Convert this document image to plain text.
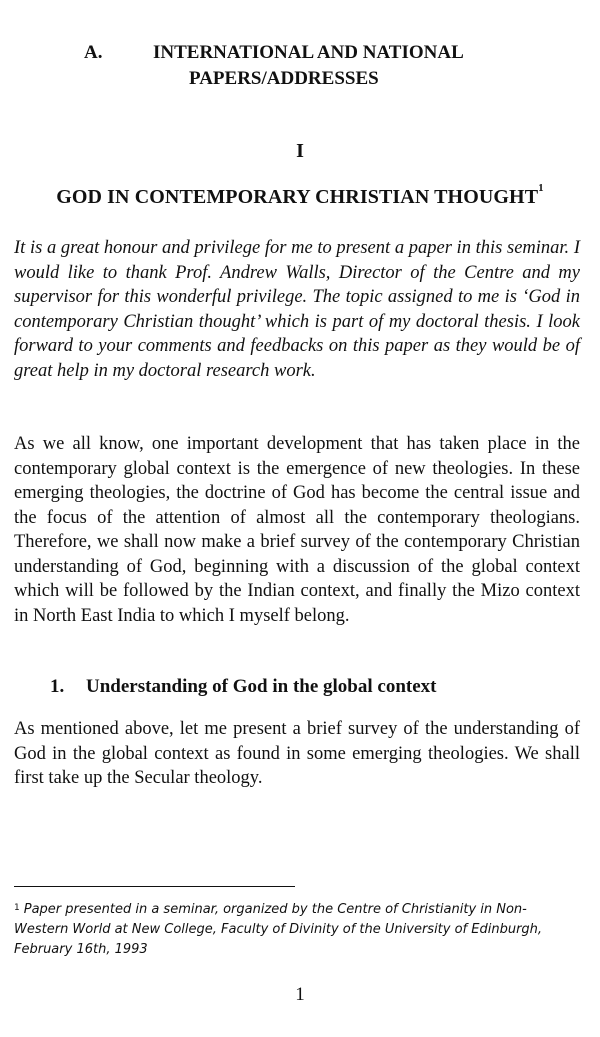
A.	INTERNATIONAL AND NATIONAL
PAPERS/ADDRESSES
I
GOD IN CONTEMPORARY CHRISTIAN THOUGHT$^1$

It is a great honour and privilege for me to present a paper in this seminar. I would like to thank Prof. Andrew Walls, Director of the Centre and my supervisor for this wonderful privilege. The topic assigned to me is ‘God in contemporary Christian thought’ which is part of my doctoral thesis. I look forward to your comments and feedbacks on this paper as they would be of great help in my doctoral research work.

As we all know, one important development that has taken place in the contemporary global context is the emergence of new theologies. In these emerging theologies, the doctrine of God has become the central issue and the focus of the attention of almost all the contemporary theologians. Therefore, we shall now make a brief survey of the contemporary Christian understanding of God, beginning with a discussion of the global context which will be followed by the Indian context, and finally the Mizo context in North East India to which I myself belong.

1. Understanding of God in the global context

As mentioned above, let me present a brief survey of the understanding of God in the global context as found in some emerging theologies. We shall first take up the Secular theology.

$^1$ Paper presented in a seminar, organized by the Centre of Christianity in Non-Western World at New College, Faculty of Divinity of the University of Edinburgh, February 16th, 1993
1
